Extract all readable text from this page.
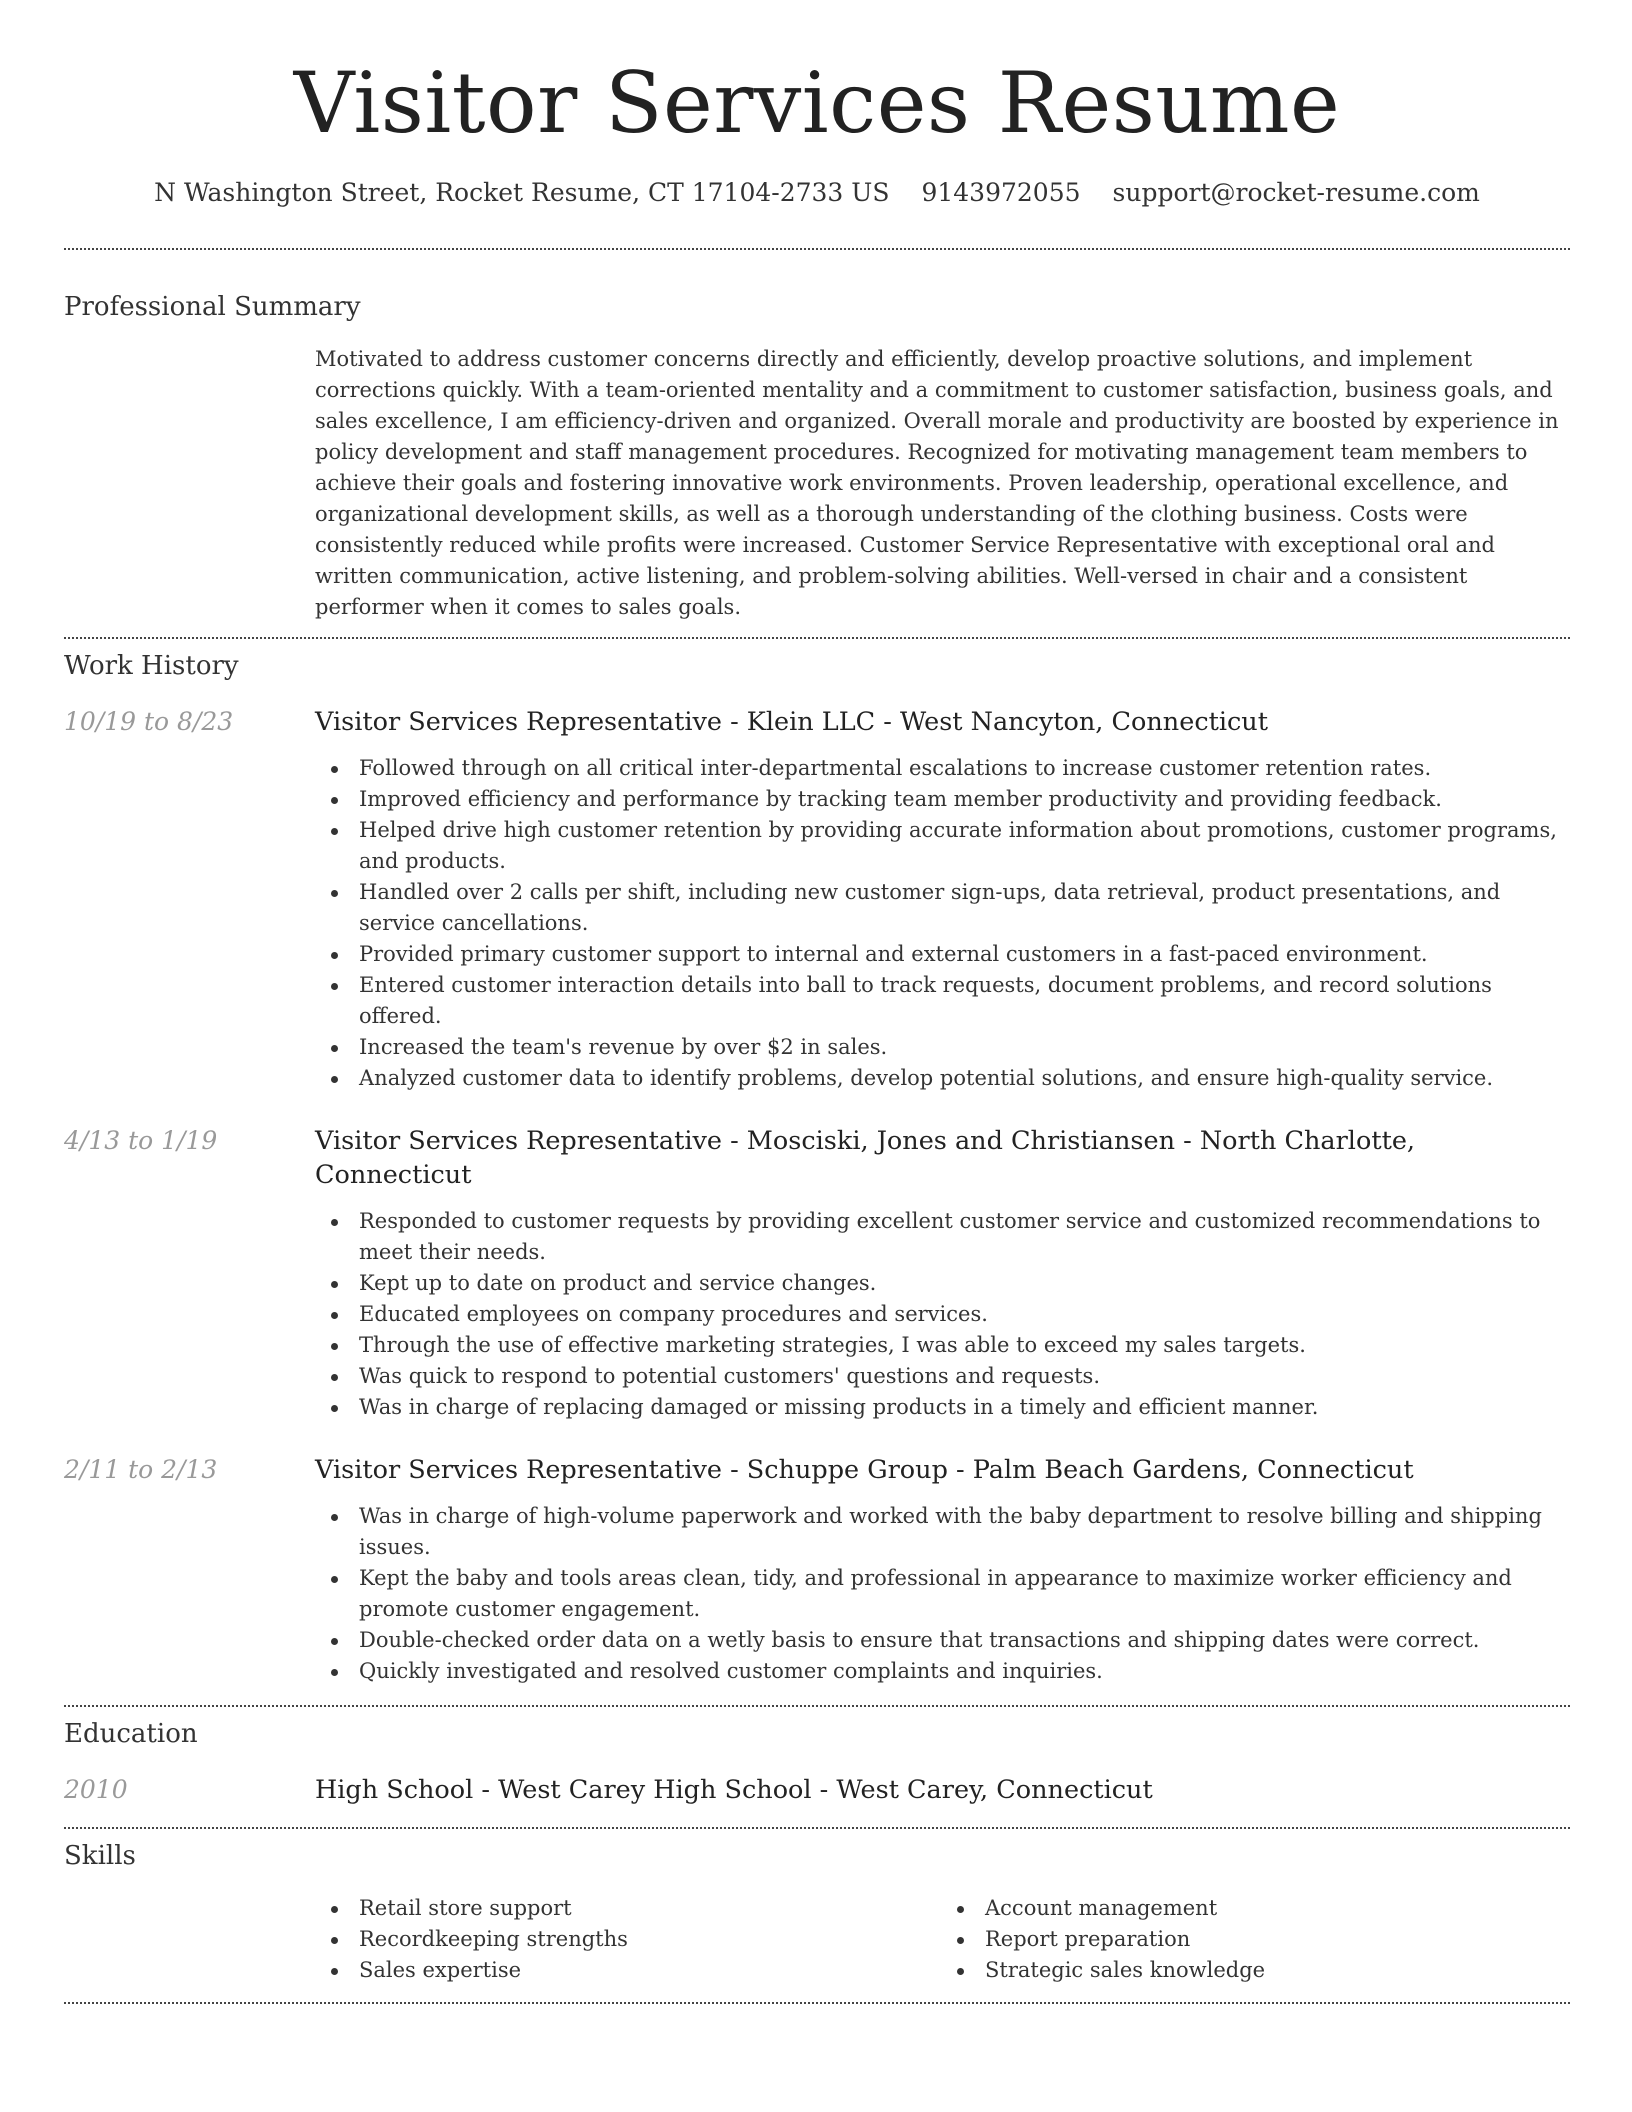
Visitor Services Resume
N Washington Street, Rocket Resume, CT 17104-2733 US 9143972055 support@rocket-resume.com
Professional Summary
Motivated to address customer concerns directly and efficiently, develop proactive solutions, and implement corrections quickly. With a team-oriented mentality and a commitment to customer satisfaction, business goals, and sales excellence, I am efficiency-driven and organized. Overall morale and productivity are boosted by experience in policy development and staff management procedures. Recognized for motivating management team members to achieve their goals and fostering innovative work environments. Proven leadership, operational excellence, and organizational development skills, as well as a thorough understanding of the clothing business. Costs were consistently reduced while profits were increased. Customer Service Representative with exceptional oral and written communication, active listening, and problem-solving abilities. Well-versed in chair and a consistent performer when it comes to sales goals.
Work History
10/19 to 8/23	Visitor Services Representative - Klein LLC - West Nancyton, Connecticut
Followed through on all critical inter-departmental escalations to increase customer retention rates.
Improved efficiency and performance by tracking team member productivity and providing feedback.
Helped drive high customer retention by providing accurate information about promotions, customer programs, and products.
Handled over 2 calls per shift, including new customer sign-ups, data retrieval, product presentations, and service cancellations.
Provided primary customer support to internal and external customers in a fast-paced environment.
Entered customer interaction details into ball to track requests, document problems, and record solutions offered.
Increased the team's revenue by over $2 in sales.
Analyzed customer data to identify problems, develop potential solutions, and ensure high-quality service.
4/13 to 1/19	Visitor Services Representative - Mosciski, Jones and Christiansen - North Charlotte, Connecticut
Responded to customer requests by providing excellent customer service and customized recommendations to meet their needs.
Kept up to date on product and service changes.
Educated employees on company procedures and services.
Through the use of effective marketing strategies, I was able to exceed my sales targets.
Was quick to respond to potential customers' questions and requests.
Was in charge of replacing damaged or missing products in a timely and efficient manner.
2/11 to 2/13	Visitor Services Representative - Schuppe Group - Palm Beach Gardens, Connecticut
Was in charge of high-volume paperwork and worked with the baby department to resolve billing and shipping issues.
Kept the baby and tools areas clean, tidy, and professional in appearance to maximize worker efficiency and promote customer engagement.
Double-checked order data on a wetly basis to ensure that transactions and shipping dates were correct.
Quickly investigated and resolved customer complaints and inquiries.
Education
2010	High School - West Carey High School - West Carey, Connecticut
Skills
Retail store support
Recordkeeping strengths
Sales expertise
Account management
Report preparation
Strategic sales knowledge
